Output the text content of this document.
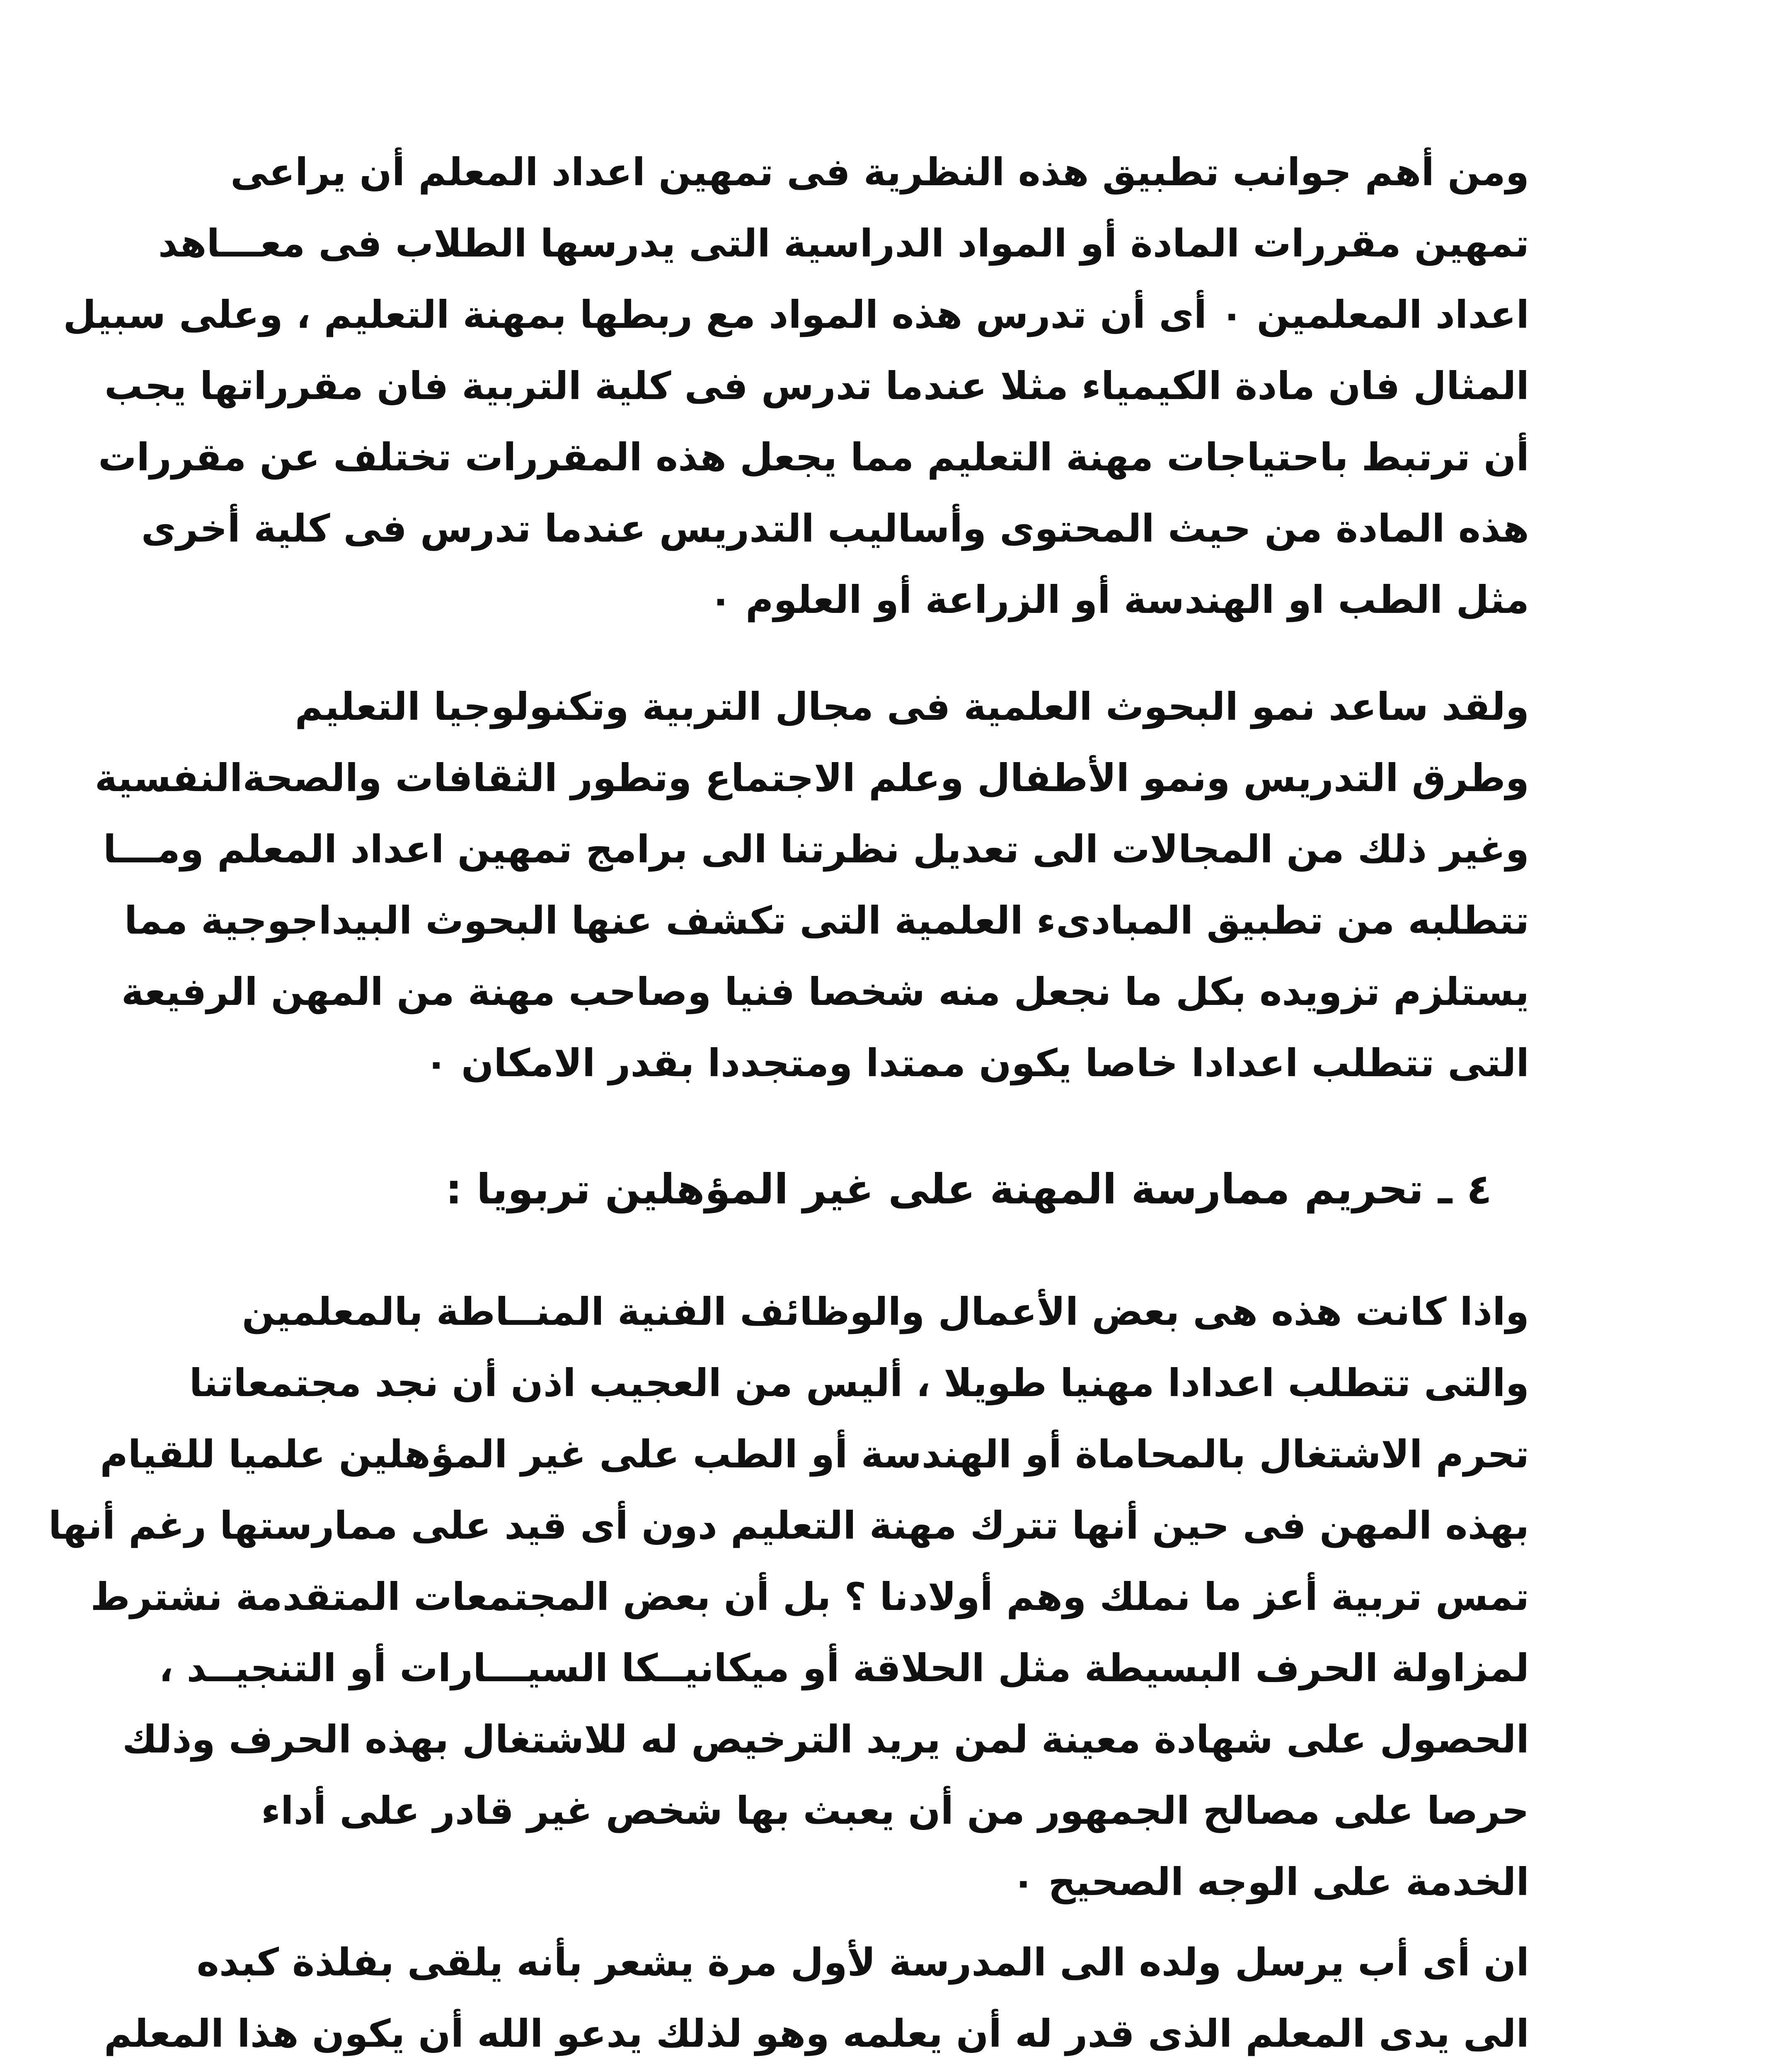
ومن أهم جوانب تطبيق هذه النظرية فى تمهين اعداد المعلم أن يراعى
تمهين مقررات المادة أو المواد الدراسية التى يدرسها الطلاب فى معـــاهد
اعداد المعلمين ٠ أى أن تدرس هذه المواد مع ربطها بمهنة التعليم ، وعلى سبيل
المثال فان مادة الكيمياء مثلا عندما تدرس فى كلية التربية فان مقرراتها يجب
أن ترتبط باحتياجات مهنة التعليم مما يجعل هذه المقررات تختلف عن مقررات
هذه المادة من حيث المحتوى وأساليب التدريس عندما تدرس فى كلية أخرى
مثل الطب او الهندسة أو الزراعة أو العلوم ٠
ولقد ساعد نمو البحوث العلمية فى مجال التربية وتكنولوجيا التعليم
وطرق التدريس ونمو الأطفال وعلم الاجتماع وتطور الثقافات والصحةالنفسية
وغير ذلك من المجالات الى تعديل نظرتنا الى برامج تمهين اعداد المعلم ومـــا
تتطلبه من تطبيق المبادىء العلمية التى تكشف عنها البحوث البيداجوجية مما
يستلزم تزويده بكل ما نجعل منه شخصا فنيا وصاحب مهنة من المهن الرفيعة
التى تتطلب اعدادا خاصا يكون ممتدا ومتجددا بقدر الامكان ٠
٤ ـ تحريم ممارسة المهنة على غير المؤهلين تربويا :
واذا كانت هذه هى بعض الأعمال والوظائف الفنية المنــاطة بالمعلمين
والتى تتطلب اعدادا مهنيا طويلا ، أليس من العجيب اذن أن نجد مجتمعاتنا
تحرم الاشتغال بالمحاماة أو الهندسة أو الطب على غير المؤهلين علميا للقيام
بهذه المهن فى حين أنها تترك مهنة التعليم دون أى قيد على ممارستها رغم أنها
تمس تربية أعز ما نملك وهم أولادنا ؟ بل أن بعض المجتمعات المتقدمة نشترط
لمزاولة الحرف البسيطة مثل الحلاقة أو ميكانيــكا السيـــارات أو التنجيــد ،
الحصول على شهادة معينة لمن يريد الترخيص له للاشتغال بهذه الحرف وذلك
حرصا على مصالح الجمهور من أن يعبث بها شخص غير قادر على أداء
الخدمة على الوجه الصحيح ٠
ان أى أب يرسل ولده الى المدرسة لأول مرة يشعر بأنه يلقى بفلذة كبده
الى يدى المعلم الذى قدر له أن يعلمه وهو لذلك يدعو الله أن يكون هذا المعلم
